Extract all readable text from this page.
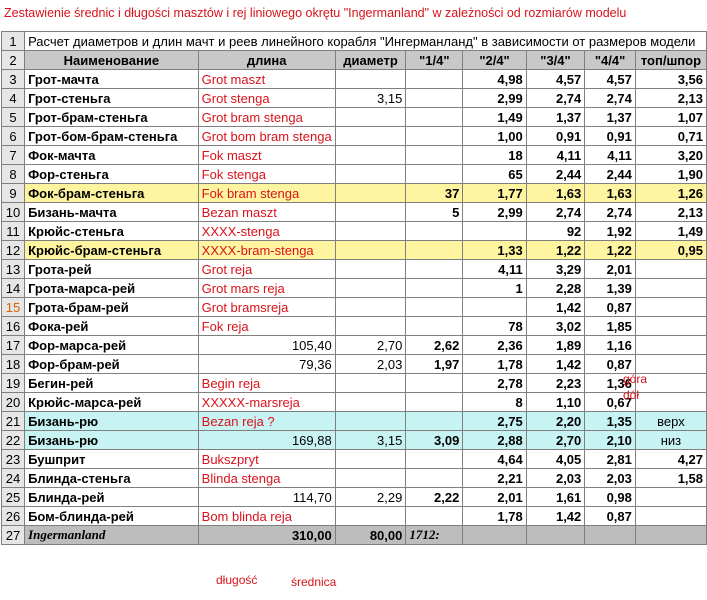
Zestawienie średnic i długości masztów i rej liniowego okrętu "Ingermanland" w zależności od rozmiarów modelu
1	Расчет диаметров и длин мачт и реев линейного корабля "Ингерманланд" в зависимости от размеров модели							
2	Наименование	длина	диаметр	"1/4"	"2/4"	"3/4"	"4/4"	топ/шпор
3	Грот-мачта	Grot maszt			4,98	4,57	4,57	3,56
4	Грот-стеньга	Grot stenga	3,15		2,99	2,74	2,74	2,13
5	Грот-брам-стеньга	Grot bram stenga			1,49	1,37	1,37	1,07
6	Грот-бом-брам-стеньга	Grot bom bram stenga			1,00	0,91	0,91	0,71
7	Фок-мачта	Fok maszt			18	4,11	4,11	3,20
8	Фор-стеньга	Fok stenga			65	2,44	2,44	1,90
9	Фок-брам-стеньга	Fok bram stenga		37	1,77	1,63	1,63	1,26
10	Бизань-мачта	Bezan maszt		5	2,99	2,74	2,74	2,13
11	Крюйс-стеньга	XXXX-stenga				92	1,92	1,49
12	Крюйс-брам-стеньга	XXXX-bram-stenga			1,33	1,22	1,22	0,95
13	Грота-рей	Grot reja			4,11	3,29	2,01	
14	Грота-марса-рей	Grot mars reja			1	2,28	1,39	
15	Грота-брам-рей	Grot bramsreja				1,42	0,87	
16	Фока-рей	Fok reja			78	3,02	1,85	
17	Фор-марса-рей	105,40	2,70	2,62	2,36	1,89	1,16	
18	Фор-брам-рей	79,36	2,03	1,97	1,78	1,42	0,87	
19	Бегин-рей	Begin reja			2,78	2,23	1,36	
20	Крюйс-марса-рей	XXXXX-marsreja			8	1,10	0,67	
21	Бизань-рю	Bezan reja ?			2,75	2,20	1,35	верх
22	Бизань-рю	169,88	3,15	3,09	2,88	2,70	2,10	низ
23	Бушприт	Bukszpryt			4,64	4,05	2,81	4,27
24	Блинда-стеньга	Blinda stenga			2,21	2,03	2,03	1,58
25	Блинда-рей	114,70	2,29	2,22	2,01	1,61	0,98	
26	Бом-блинда-рей	Bom blinda reja			1,78	1,42	0,87	
27	Ingermanland	310,00	80,00	1712:				
góra
dół
długość	średnica
